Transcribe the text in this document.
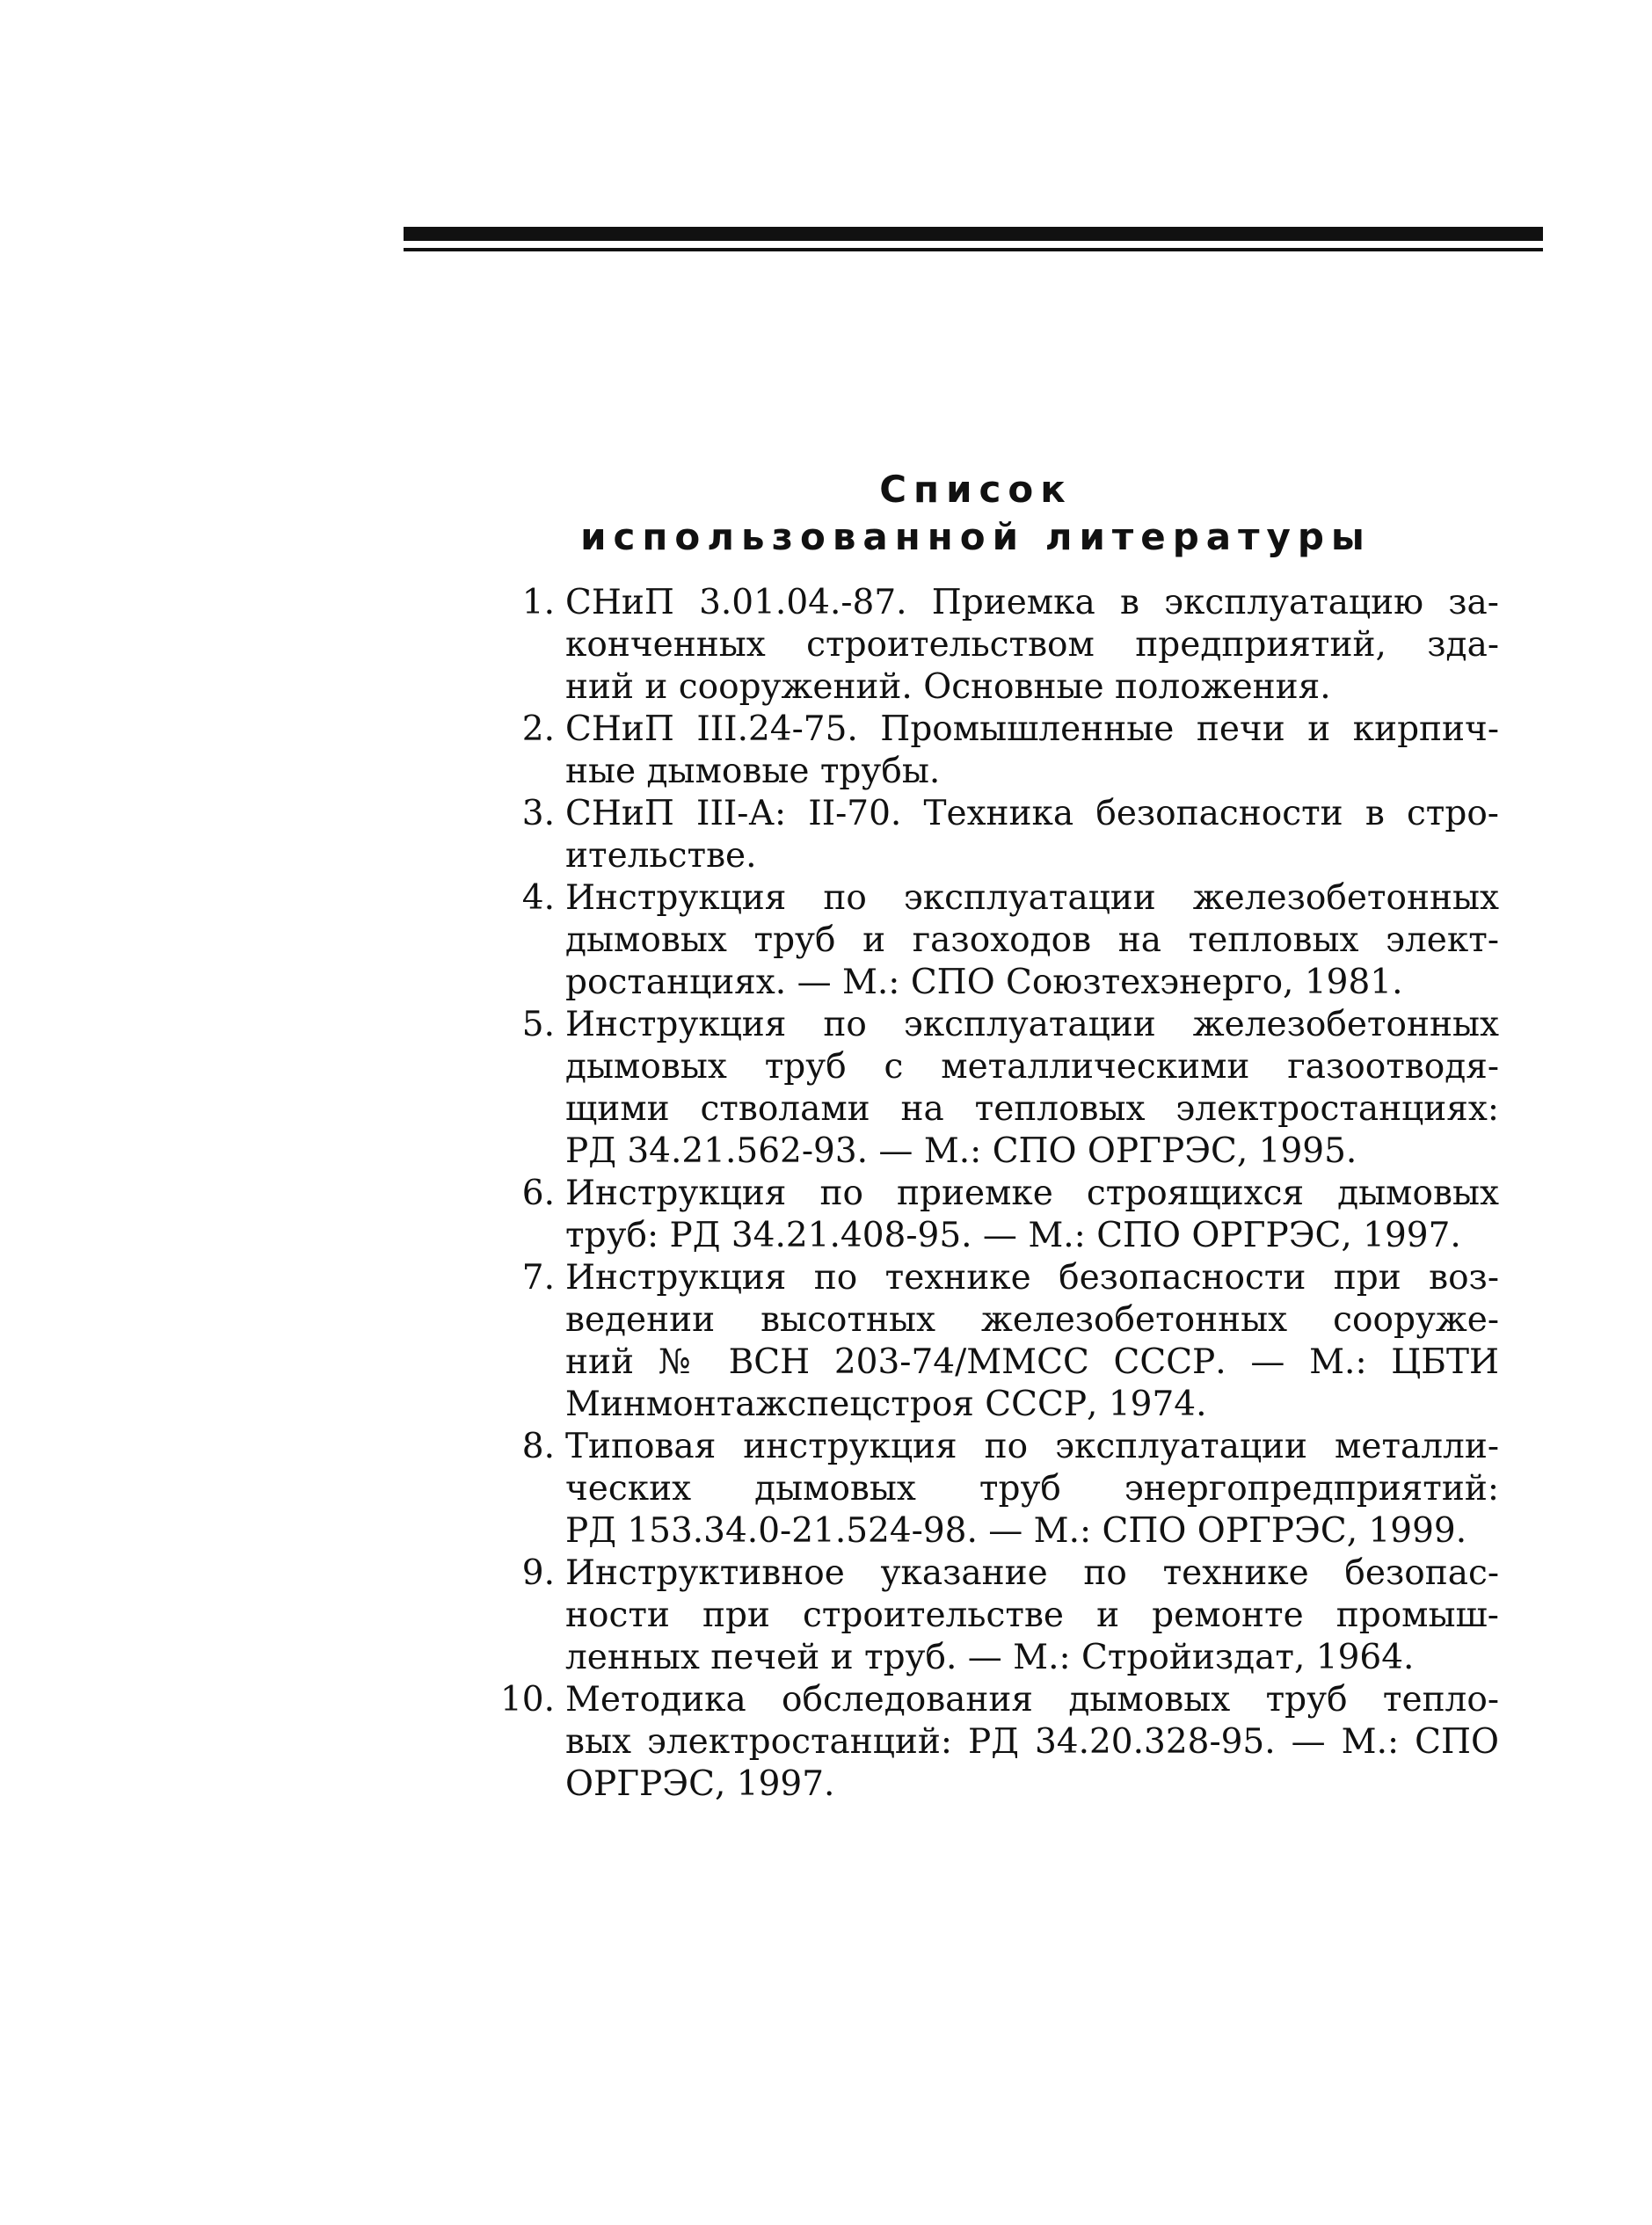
Список
использованной литературы
1. СНиП 3.01.04.-87. Приемка в эксплуатацию за-
конченных строительством предприятий, зда-
ний и сооружений. Основные положения.
2. СНиП III.24-75. Промышленные печи и кирпич-
ные дымовые трубы.
3. СНиП III-А: II-70. Техника безопасности в стро-
ительстве.
4. Инструкция по эксплуатации железобетонных
дымовых труб и газоходов на тепловых элект-
ростанциях. — М.: СПО Союзтехэнерго, 1981.
5. Инструкция по эксплуатации железобетонных
дымовых труб с металлическими газоотводя-
щими стволами на тепловых электростанциях:
РД 34.21.562-93. — М.: СПО ОРГРЭС, 1995.
6. Инструкция по приемке строящихся дымовых
труб: РД 34.21.408-95. — М.: СПО ОРГРЭС, 1997.
7. Инструкция по технике безопасности при воз-
ведении высотных железобетонных сооруже-
ний № ВСН 203-74/ММСС СССР. — М.: ЦБТИ
Минмонтажспецстроя СССР, 1974.
8. Типовая инструкция по эксплуатации металли-
ческих дымовых труб энергопредприятий:
РД 153.34.0-21.524-98. — М.: СПО ОРГРЭС, 1999.
9. Инструктивное указание по технике безопас-
ности при строительстве и ремонте промыш-
ленных печей и труб. — М.: Стройиздат, 1964.
10. Методика обследования дымовых труб тепло-
вых электростанций: РД 34.20.328-95. — М.: СПО
ОРГРЭС, 1997.
